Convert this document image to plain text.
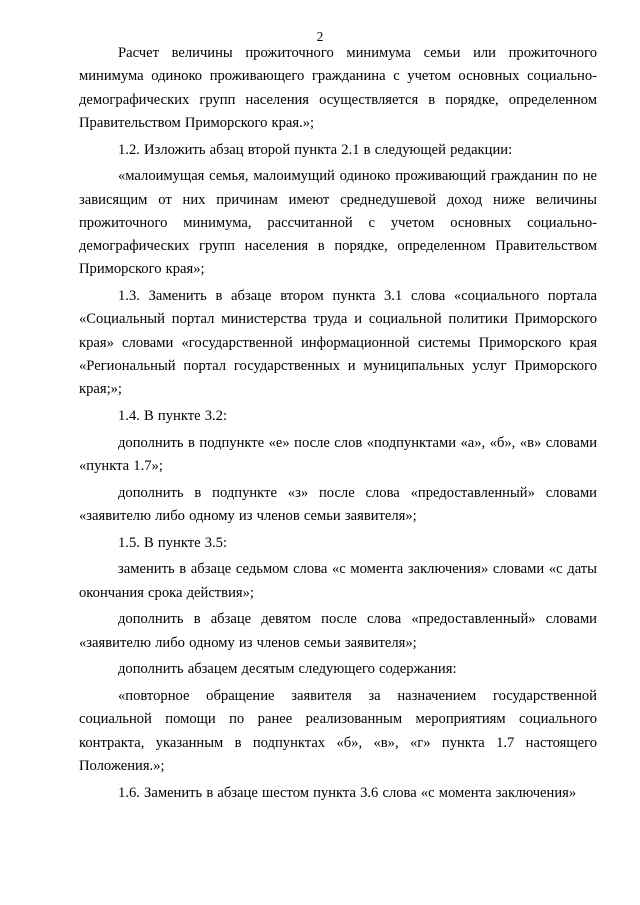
2

Расчет величины прожиточного минимума семьи или прожиточного минимума одиноко проживающего гражданина с учетом основных социально-демографических групп населения осуществляется в порядке, определенном Правительством Приморского края.»;

1.2. Изложить абзац второй пункта 2.1 в следующей редакции:

«малоимущая семья, малоимущий одиноко проживающий гражданин по не зависящим от них причинам имеют среднедушевой доход ниже величины прожиточного минимума, рассчитанной с учетом основных социально-демографических групп населения в порядке, определенном Правительством Приморского края»;

1.3. Заменить в абзаце втором пункта 3.1 слова «социального портала «Социальный портал министерства труда и социальной политики Приморского края» словами «государственной информационной системы Приморского края «Региональный портал государственных и муниципальных услуг Приморского края;»;

1.4. В пункте 3.2:

дополнить в подпункте «е» после слов «подпунктами «а», «б», «в» словами «пункта 1.7»;

дополнить в подпункте «з» после слова «предоставленный» словами «заявителю либо одному из членов семьи заявителя»;

1.5. В пункте 3.5:

заменить в абзаце седьмом слова «с момента заключения» словами «с даты окончания срока действия»;

дополнить в абзаце девятом после слова «предоставленный» словами «заявителю либо одному из членов семьи заявителя»;

дополнить абзацем десятым следующего содержания:

«повторное обращение заявителя за назначением государственной социальной помощи по ранее реализованным мероприятиям социального контракта, указанным в подпунктах «б», «в», «г» пункта 1.7 настоящего Положения.»;

1.6. Заменить в абзаце шестом пункта 3.6 слова «с момента заключения»
